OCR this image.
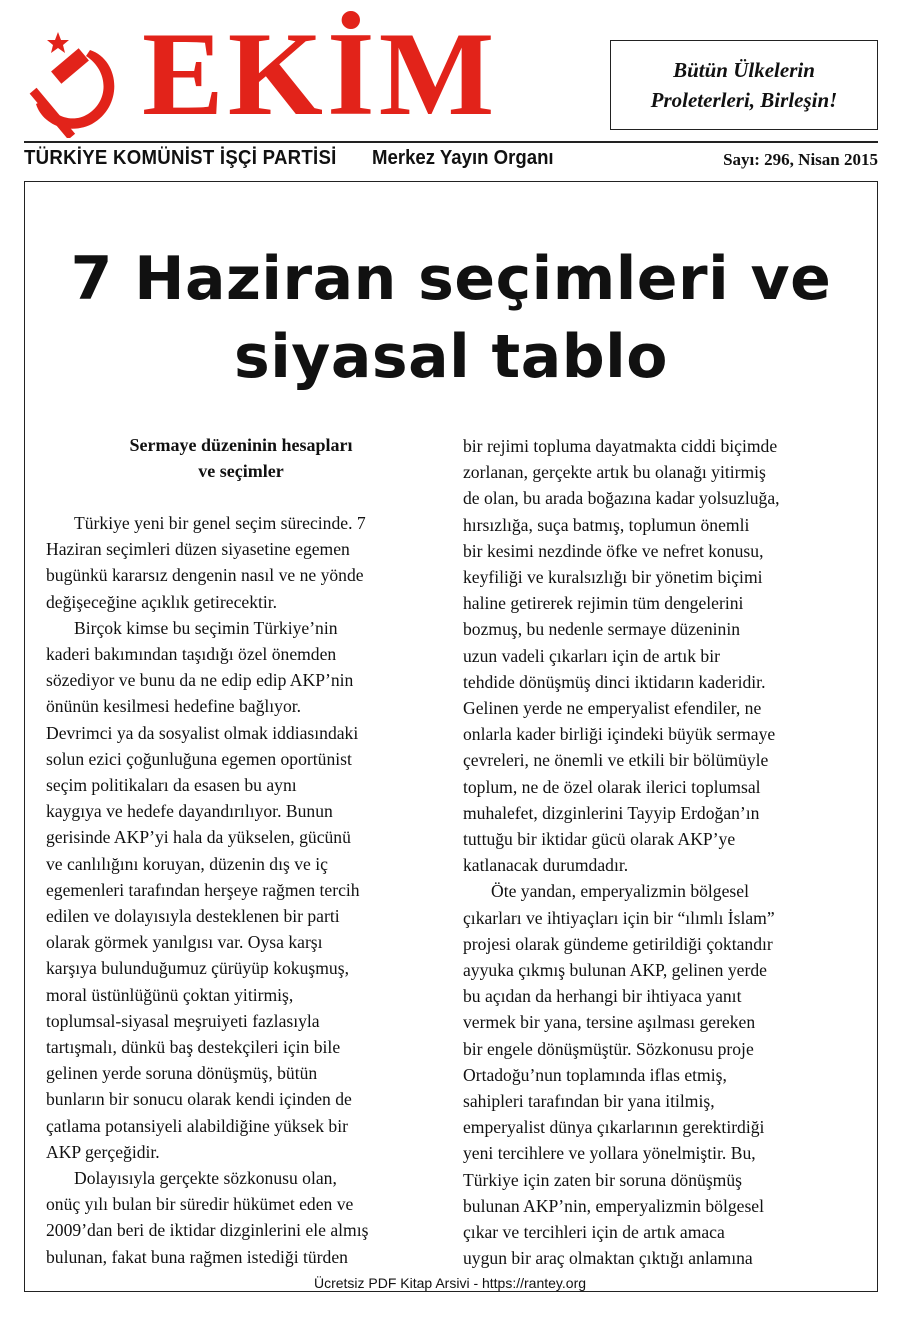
EKİM	Bütün Ülkelerin
Proleterleri, Birleşin!
TÜRKİYE KOMÜNİST İŞÇİ PARTİSİ Merkez Yayın Organı	Sayı: 296, Nisan 2015
7 Haziran seçimleri ve
siyasal tablo
Sermaye düzeninin hesapları
ve seçimler
Türkiye yeni bir genel seçim sürecinde. 7
Haziran seçimleri düzen siyasetine egemen
bugünkü kararsız dengenin nasıl ve ne yönde
değişeceğine açıklık getirecektir.
Birçok kimse bu seçimin Türkiye’nin
kaderi bakımından taşıdığı özel önemden
sözediyor ve bunu da ne edip edip AKP’nin
önünün kesilmesi hedefine bağlıyor.
Devrimci ya da sosyalist olmak iddiasındaki
solun ezici çoğunluğuna egemen oportünist
seçim politikaları da esasen bu aynı
kaygıya ve hedefe dayandırılıyor. Bunun
gerisinde AKP’yi hala da yükselen, gücünü
ve canlılığını koruyan, düzenin dış ve iç
egemenleri tarafından herşeye rağmen tercih
edilen ve dolayısıyla desteklenen bir parti
olarak görmek yanılgısı var. Oysa karşı
karşıya bulunduğumuz çürüyüp kokuşmuş,
moral üstünlüğünü çoktan yitirmiş,
toplumsal-siyasal meşruiyeti fazlasıyla
tartışmalı, dünkü baş destekçileri için bile
gelinen yerde soruna dönüşmüş, bütün
bunların bir sonucu olarak kendi içinden de
çatlama potansiyeli alabildiğine yüksek bir
AKP gerçeğidir.
Dolayısıyla gerçekte sözkonusu olan,
onüç yılı bulan bir süredir hükümet eden ve
2009’dan beri de iktidar dizginlerini ele almış
bulunan, fakat buna rağmen istediği türden
bir rejimi topluma dayatmakta ciddi biçimde
zorlanan, gerçekte artık bu olanağı yitirmiş
de olan, bu arada boğazına kadar yolsuzluğa,
hırsızlığa, suça batmış, toplumun önemli
bir kesimi nezdinde öfke ve nefret konusu,
keyfiliği ve kuralsızlığı bir yönetim biçimi
haline getirerek rejimin tüm dengelerini
bozmuş, bu nedenle sermaye düzeninin
uzun vadeli çıkarları için de artık bir
tehdide dönüşmüş dinci iktidarın kaderidir.
Gelinen yerde ne emperyalist efendiler, ne
onlarla kader birliği içindeki büyük sermaye
çevreleri, ne önemli ve etkili bir bölümüyle
toplum, ne de özel olarak ilerici toplumsal
muhalefet, dizginlerini Tayyip Erdoğan’ın
tuttuğu bir iktidar gücü olarak AKP’ye
katlanacak durumdadır.
Öte yandan, emperyalizmin bölgesel
çıkarları ve ihtiyaçları için bir “ılımlı İslam”
projesi olarak gündeme getirildiği çoktandır
ayyuka çıkmış bulunan AKP, gelinen yerde
bu açıdan da herhangi bir ihtiyaca yanıt
vermek bir yana, tersine aşılması gereken
bir engele dönüşmüştür. Sözkonusu proje
Ortadoğu’nun toplamında iflas etmiş,
sahipleri tarafından bir yana itilmiş,
emperyalist dünya çıkarlarının gerektirdiği
yeni tercihlere ve yollara yönelmiştir. Bu,
Türkiye için zaten bir soruna dönüşmüş
bulunan AKP’nin, emperyalizmin bölgesel
çıkar ve tercihleri için de artık amaca
uygun bir araç olmaktan çıktığı anlamına
Ücretsiz PDF Kitap Arsivi - https://rantey.org
